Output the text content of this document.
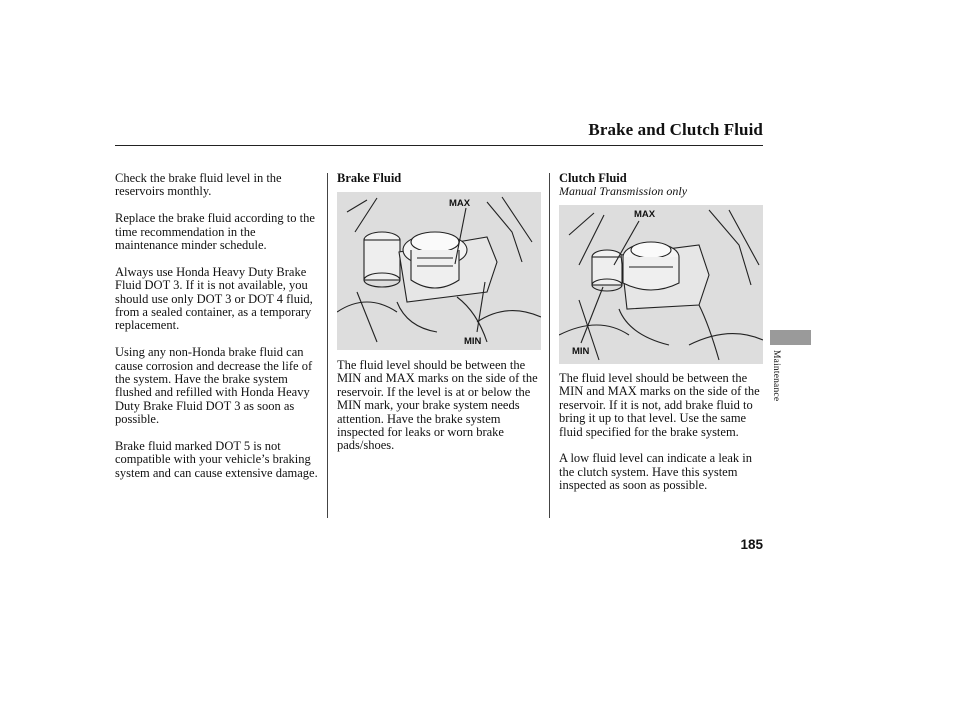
Brake and Clutch Fluid

Check the brake fluid level in the reservoirs monthly.

Replace the brake fluid according to the time recommendation in the maintenance minder schedule.

Always use Honda Heavy Duty Brake Fluid DOT 3. If it is not available, you should use only DOT 3 or DOT 4 fluid, from a sealed container, as a temporary replacement.

Using any non-Honda brake fluid can cause corrosion and decrease the life of the system. Have the brake system flushed and refilled with Honda Heavy Duty Brake Fluid DOT 3 as soon as possible.

Brake fluid marked DOT 5 is not compatible with your vehicle’s braking system and can cause extensive damage.

Brake Fluid
MAX
MIN

The fluid level should be between the MIN and MAX marks on the side of the reservoir. If the level is at or below the MIN mark, your brake system needs attention. Have the brake system inspected for leaks or worn brake pads/shoes.

Clutch Fluid
Manual Transmission only
MAX
MIN

The fluid level should be between the MIN and MAX marks on the side of the reservoir. If it is not, add brake fluid to bring it up to that level. Use the same fluid specified for the brake system.

A low fluid level can indicate a leak in the clutch system. Have this system inspected as soon as possible.

Maintenance
185
